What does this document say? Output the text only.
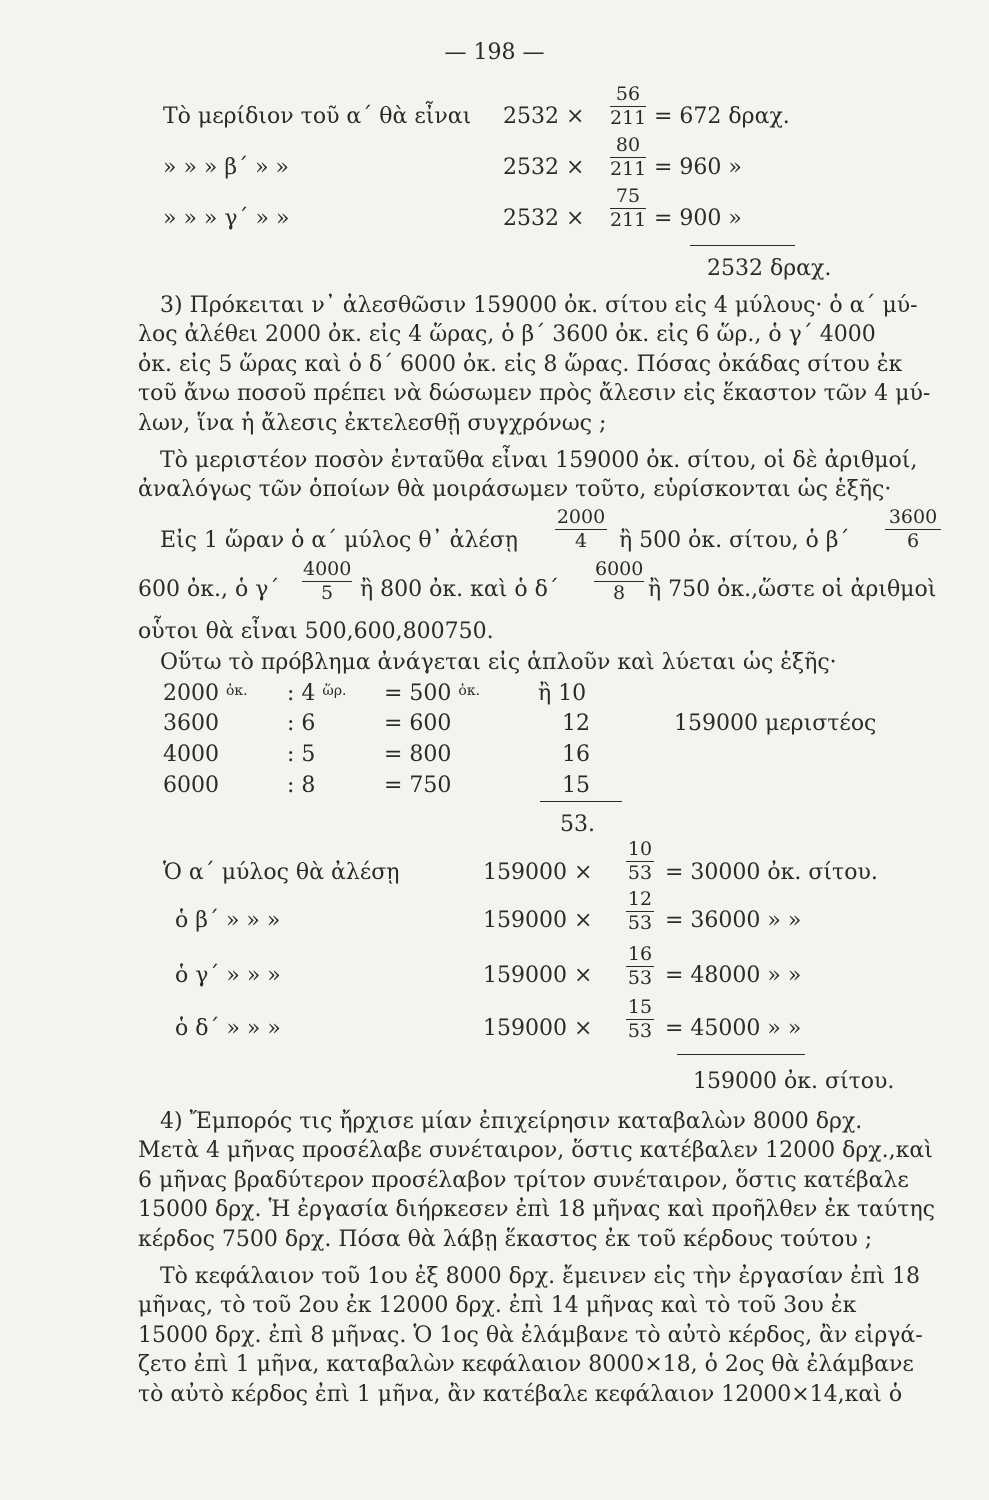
— 198 —
Τὸ μερίδιον τοῦ α΄ θὰ εἶναι $2532 \times \frac{56}{211} = 672$ δραχ.
» » » β΄ » »	$2532 \times \frac{80}{211} = 960$ »
» » » γ΄ » »	$2532 \times \frac{75}{211} = 900$ »
2532 δραχ.
3) Πρόκειται ν᾽ ἀλεσθῶσιν 159000 ὀκ. σίτου εἰς 4 μύλους· ὁ α΄ μύ-
λος ἀλέθει 2000 ὀκ. εἰς 4 ὥρας, ὁ β΄ 3600 ὀκ. εἰς 6 ὥρ., ὁ γ΄ 4000
ὀκ. εἰς 5 ὥρας καὶ ὁ δ΄ 6000 ὀκ. εἰς 8 ὥρας. Πόσας ὀκάδας σίτου ἐκ
τοῦ ἄνω ποσοῦ πρέπει νὰ δώσωμεν πρὸς ἄλεσιν εἰς ἕκαστον τῶν 4 μύ-
λων, ἵνα ἡ ἄλεσις ἐκτελεσθῇ συγχρόνως ;
Τὸ μεριστέον ποσὸν ἐνταῦθα εἶναι 159000 ὀκ. σίτου, οἱ δὲ ἀριθμοί,
ἀναλόγως τῶν ὁποίων θὰ μοιράσωμεν τοῦτο, εὑρίσκονται ὡς ἑξῆς·
Εἰς 1 ὥραν ὁ α΄ μύλος θ᾽ ἀλέσῃ $\frac{2000}{4}$ ἢ 500 ὀκ. σίτου, ὁ $\beta΄ \frac{3600}{6}$
600 ὀκ., ὁ $\gamma΄ \frac{4000}{5}$ ἢ 800 ὀκ. καὶ ὁ $\delta΄ \frac{6000}{8}$ ἢ 750 ὀκ.,ὥστε οἱ ἀριθμοὶ
οὗτοι θὰ εἶναι 500,600,800750.
Οὕτω τὸ πρόβλημα ἀνάγεται εἰς ἁπλοῦν καὶ λύεται ὡς ἑξῆς·
2000 $^{ὀ\kappa.}$ : 4 $^{ὥ\rho.}$ = 500 $^{ὀ\kappa.}$	ἢ 10
3600	: 6	= 600	12	159000 μεριστέος
4000	: 5	= 800	16
6000	: 8	= 750	15
53.
Ὁ α΄ μύλος θὰ ἀλέσῃ	$159000 \times \frac{10}{53} = 30000$ ὀκ. σίτου.
ὁ β΄ » » »	$159000 \times \frac{12}{53} = 36000$ » »
ὁ γ΄ » » »	$159000 \times \frac{16}{53} = 48000$ » »
ὁ δ΄ » » »	$159000 \times \frac{15}{53} = 45000$ » »
159000 ὀκ. σίτου.
4) Ἔμπορός τις ἤρχισε μίαν ἐπιχείρησιν καταβαλὼν 8000 δρχ.
Μετὰ 4 μῆνας προσέλαβε συνέταιρον, ὅστις κατέβαλεν 12000 δρχ.,καὶ
6 μῆνας βραδύτερον προσέλαβον τρίτον συνέταιρον, ὅστις κατέβαλε
15000 δρχ. Ἡ ἐργασία διήρκεσεν ἐπὶ 18 μῆνας καὶ προῆλθεν ἐκ ταύτης
κέρδος 7500 δρχ. Πόσα θὰ λάβῃ ἕκαστος ἐκ τοῦ κέρδους τούτου ;
Τὸ κεφάλαιον τοῦ 1ου ἐξ 8000 δρχ. ἔμεινεν εἰς τὴν ἐργασίαν ἐπὶ 18
μῆνας, τὸ τοῦ 2ου ἐκ 12000 δρχ. ἐπὶ 14 μῆνας καὶ τὸ τοῦ 3ου ἐκ
15000 δρχ. ἐπὶ 8 μῆνας. Ὁ 1ος θὰ ἐλάμβανε τὸ αὐτὸ κέρδος, ἂν εἰργά-
ζετο ἐπὶ 1 μῆνα, καταβαλὼν κεφάλαιον 8000×18, ὁ 2ος θὰ ἐλάμβανε
τὸ αὐτὸ κέρδος ἐπὶ 1 μῆνα, ἂν κατέβαλε κεφάλαιον 12000×14,καὶ ὁ
